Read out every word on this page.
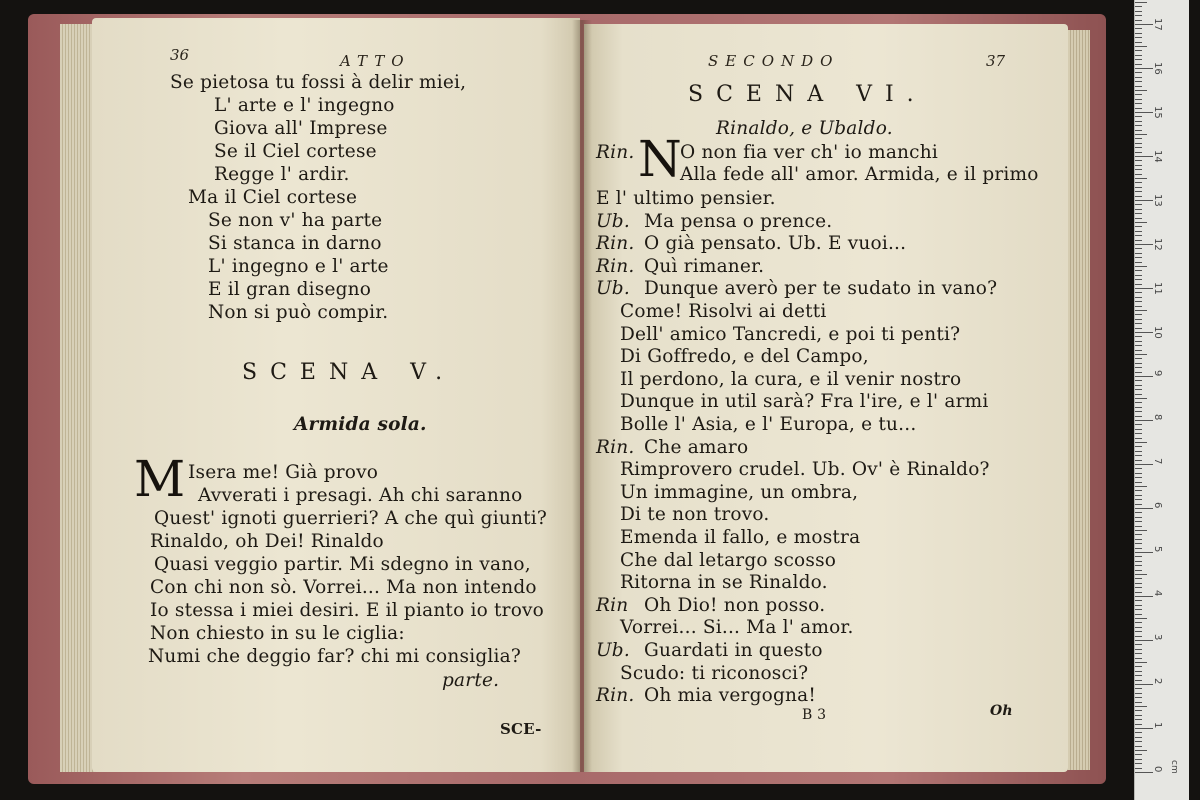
36	ATTO
Se pietosa tu fossi à delir miei,
L' arte e l' ingegno
Giova all' Imprese
Se il Ciel cortese
Regge l' ardir.
Ma il Ciel cortese
Se non v' ha parte
Si stanca in darno
L' ingegno e l' arte
E il gran disegno
Non si può compir.
SCENA V.
Armida sola.
M Isera me! Già provo
Avverati i presagi. Ah chi saranno
Quest' ignoti guerrieri? A che quì giunti?
Rinaldo, oh Dei! Rinaldo
Quasi veggio partir. Mi sdegno in vano,
Con chi non sò. Vorrei... Ma non intendo
Io stessa i miei desiri. E il pianto io trovo
Non chiesto in su le ciglia:
Numi che deggio far? chi mi consiglia?
parte.
SCE-
SECONDO	37
SCENA VI.
Rinaldo, e Ubaldo.
Rin. N
O non fia ver ch' io manchi
Alla fede all' amor. Armida, e il primo
E l' ultimo pensier.
Ub. Ma pensa o prence.
Rin. O già pensato. Ub. E vuoi...
Rin. Quì rimaner.
Ub. Dunque averò per te sudato in vano?
Come! Risolvi ai detti
Dell' amico Tancredi, e poi ti penti?
Di Goffredo, e del Campo,
Il perdono, la cura, e il venir nostro
Dunque in util sarà? Fra l'ire, e l' armi
Bolle l' Asia, e l' Europa, e tu...
Rin. Che amaro
Rimprovero crudel. Ub. Ov' è Rinaldo?
Un immagine, un ombra,
Di te non trovo.
Emenda il fallo, e mostra
Che dal letargo scosso
Ritorna in se Rinaldo.
Rin Oh Dio! non posso.
Vorrei... Si... Ma l' amor.
Ub. Guardati in questo
Scudo: ti riconosci?
Rin. Oh mia vergogna!
B 3	Oh
cm
0
1
2
3
4
5
6
7
8
9
10
11
12
13
14
15
16
17
